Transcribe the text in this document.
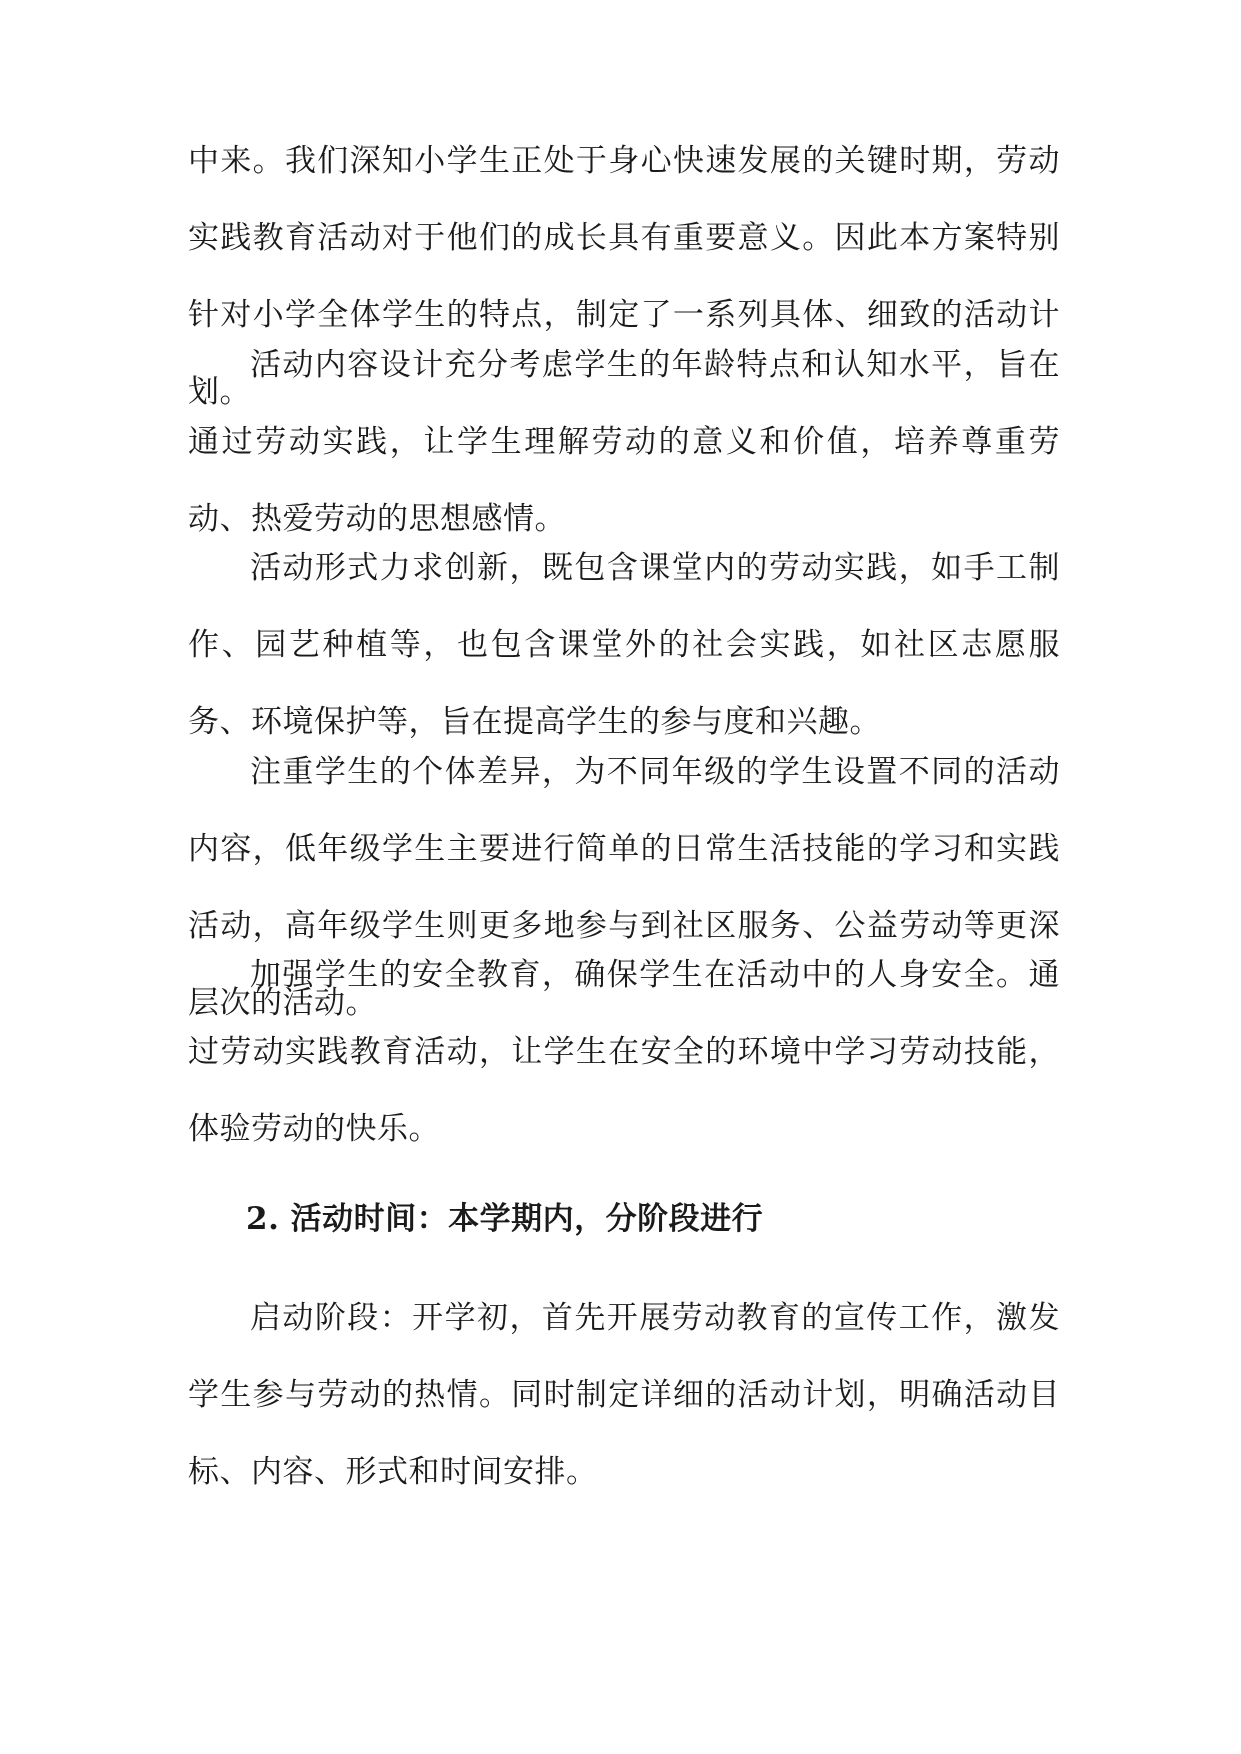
中来。我们深知小学生正处于身心快速发展的关键时期，劳动实践教育活动对于他们的成长具有重要意义。因此本方案特别针对小学全体学生的特点，制定了一系列具体、细致的活动计划。

活动内容设计充分考虑学生的年龄特点和认知水平，旨在通过劳动实践，让学生理解劳动的意义和价值，培养尊重劳动、热爱劳动的思想感情。

活动形式力求创新，既包含课堂内的劳动实践，如手工制作、园艺种植等，也包含课堂外的社会实践，如社区志愿服务、环境保护等，旨在提高学生的参与度和兴趣。

注重学生的个体差异，为不同年级的学生设置不同的活动内容，低年级学生主要进行简单的日常生活技能的学习和实践活动，高年级学生则更多地参与到社区服务、公益劳动等更深层次的活动。

加强学生的安全教育，确保学生在活动中的人身安全。通过劳动实践教育活动，让学生在安全的环境中学习劳动技能，体验劳动的快乐。

2. 活动时间：本学期内，分阶段进行

启动阶段：开学初，首先开展劳动教育的宣传工作，激发学生参与劳动的热情。同时制定详细的活动计划，明确活动目标、内容、形式和时间安排。
